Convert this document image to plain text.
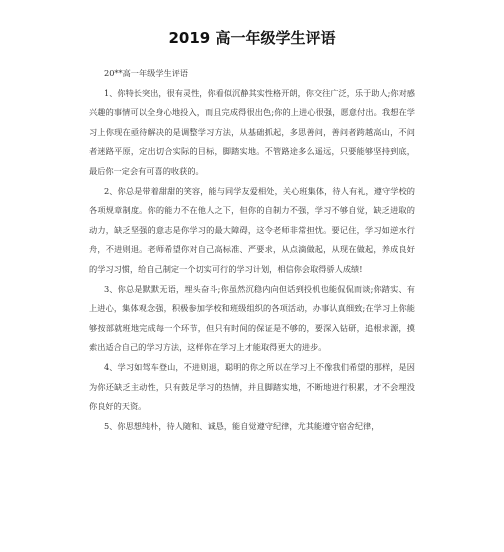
2019 高一年级学生评语

20**高一年级学生评语

1、你特长突出，很有灵性，你看似沉静其实性格开朗，你交往广泛，乐于助人;你对感兴趣的事情可以全身心地投入，而且完成得很出色;你的上进心很强，愿意付出。我想在学习上你现在亟待解决的是调整学习方法，从基础抓起，多思善问，善问者跨越高山，不问者迷路平原，定出切合实际的目标，脚踏实地。不管路途多么遥远，只要能够坚持到底，最后你一定会有可喜的收获的。

2、你总是带着甜甜的笑容，能与同学友爱相处，关心班集体，待人有礼，遵守学校的各项规章制度。你的能力不在他人之下，但你的自制力不强，学习不够自觉，缺乏进取的动力，缺乏坚强的意志是你学习的最大障碍，这令老师非常担忧。要记住，学习如逆水行舟，不进则退。老师希望你对自己高标准、严要求，从点滴做起，从现在做起，养成良好的学习习惯，给自己制定一个切实可行的学习计划，相信你会取得骄人成绩!

3、你总是默默无语，埋头奋斗;你虽然沉稳内向但话到投机也能侃侃而谈;你踏实、有上进心，集体观念强，积极参加学校和班级组织的各项活动，办事认真细致;在学习上你能够按部就班地完成每一个环节，但只有时间的保证是不够的，要深入钻研，追根求源，摸索出适合自己的学习方法，这样你在学习上才能取得更大的进步。

4、学习如驾车登山，不进则退，聪明的你之所以在学习上不像我们希望的那样，是因为你还缺乏主动性，只有鼓足学习的热情，并且脚踏实地，不断地进行积累，才不会埋没你良好的天资。

5、你思想纯朴，待人随和、诚恳，能自觉遵守纪律，尤其能遵守宿舍纪律，
